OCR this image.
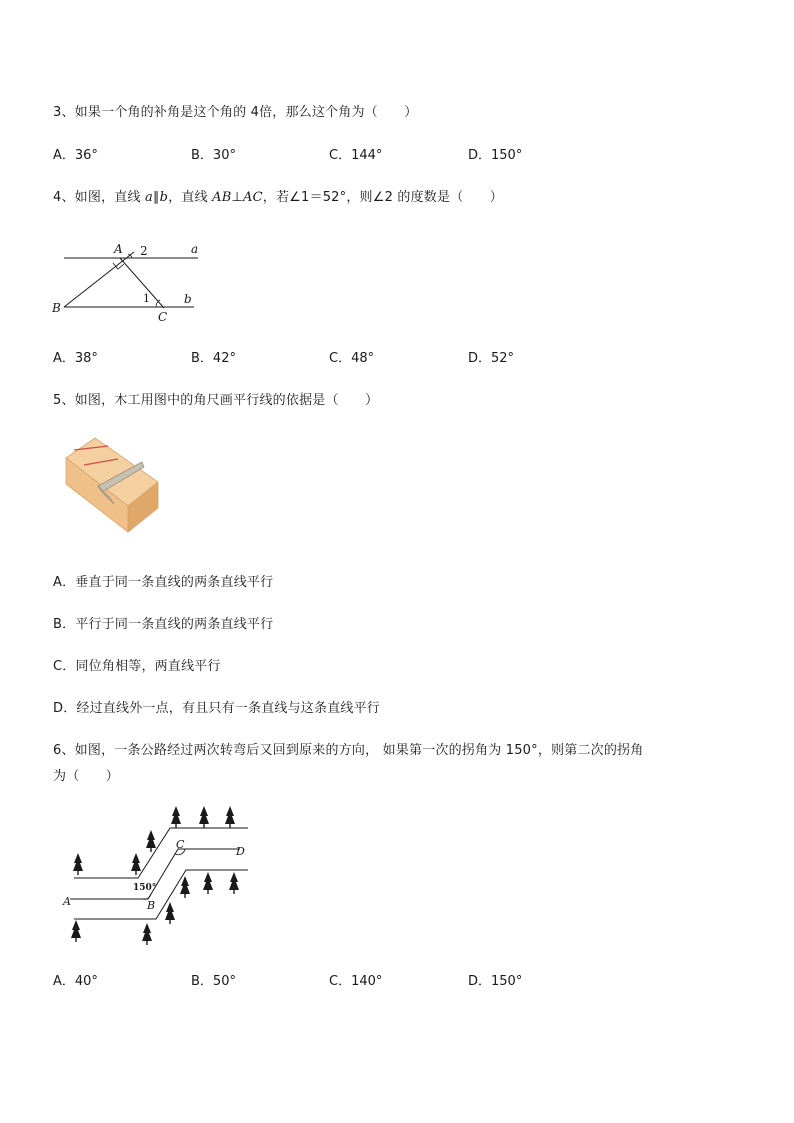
3、如果一个角的补角是这个角的 4倍，那么这个角为（　　）
A．36°	B．30°	C．144°	D．150°
4、如图，直线 a∥b，直线 AB⊥AC，若∠1＝52°，则∠2 的度数是（　　）
A 2	a
B
1	b
C
A．38°	B．42°	C．48°	D．52°
5、如图，木工用图中的角尺画平行线的依据是（　　）
A．垂直于同一条直线的两条直线平行
B．平行于同一条直线的两条直线平行
C．同位角相等，两直线平行
D．经过直线外一点，有且只有一条直线与这条直线平行
6、如图，一条公路经过两次转弯后又回到原来的方向， 如果第一次的拐角为 150°，则第二次的拐角
为（　　）
A	B
C
D
150°
A．40°	B．50°	C．140°	D．150°
